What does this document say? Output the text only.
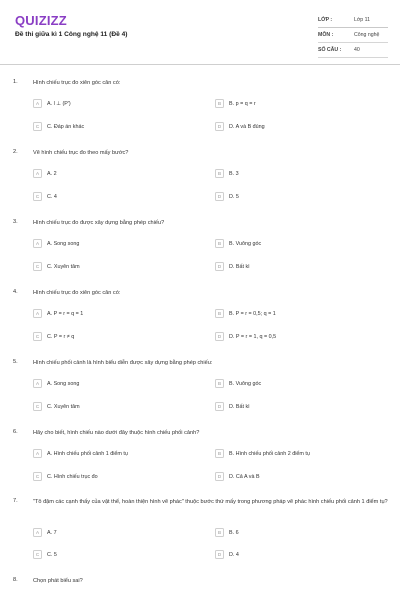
QUIZIZZ
Đề thi giữa kì 1 Công nghệ 11 (Đề 4)
LỚP :	Lớp 11
MÔN :	Công nghệ
SỐ CÂU : 40
1.	Hình chiếu trục đo xiên góc cân có:
A	A. l ⊥ (P')	B	B. p = q = r
C	C. Đáp án khác	D	D. A và B đúng
2.	Vẽ hình chiếu trục đo theo mấy bước?
A	A. 2	B	B. 3
C	C. 4	D	D. 5
3.	Hình chiếu trục đo được xây dựng bằng phép chiếu?
A	A. Song song	B	B. Vuông góc
C	C. Xuyên tâm	D	D. Bất kì
4.	Hình chiếu trục đo xiên góc cân có:
A	A. P = r = q = 1	B	B. P = r = 0,5; q = 1
C	C. P = r ≠ q	D	D. P = r = 1, q = 0,5
5.	Hình chiếu phối cảnh là hình biểu diễn được xây dựng bằng phép chiếu:
A	A. Song song	B	B. Vuông góc
C	C. Xuyên tâm	D	D. Bất kì
6.	Hãy cho biết, hình chiếu nào dưới đây thuộc hình chiếu phối cảnh?
A	A. Hình chiếu phối cảnh 1 điểm tụ	B	B. Hình chiếu phối cảnh 2 điểm tụ
C	C. Hình chiếu trục đo	D	D. Cả A và B
7.	"Tô đậm các cạnh thấy của vật thể, hoàn thiện hình vẽ phác" thuộc bước thứ mấy trong phương pháp vẽ phác hình chiếu phối cảnh 1 điểm tụ?
A	A. 7	B	B. 6
C	C. 5	D	D. 4
8.	Chọn phát biểu sai?
